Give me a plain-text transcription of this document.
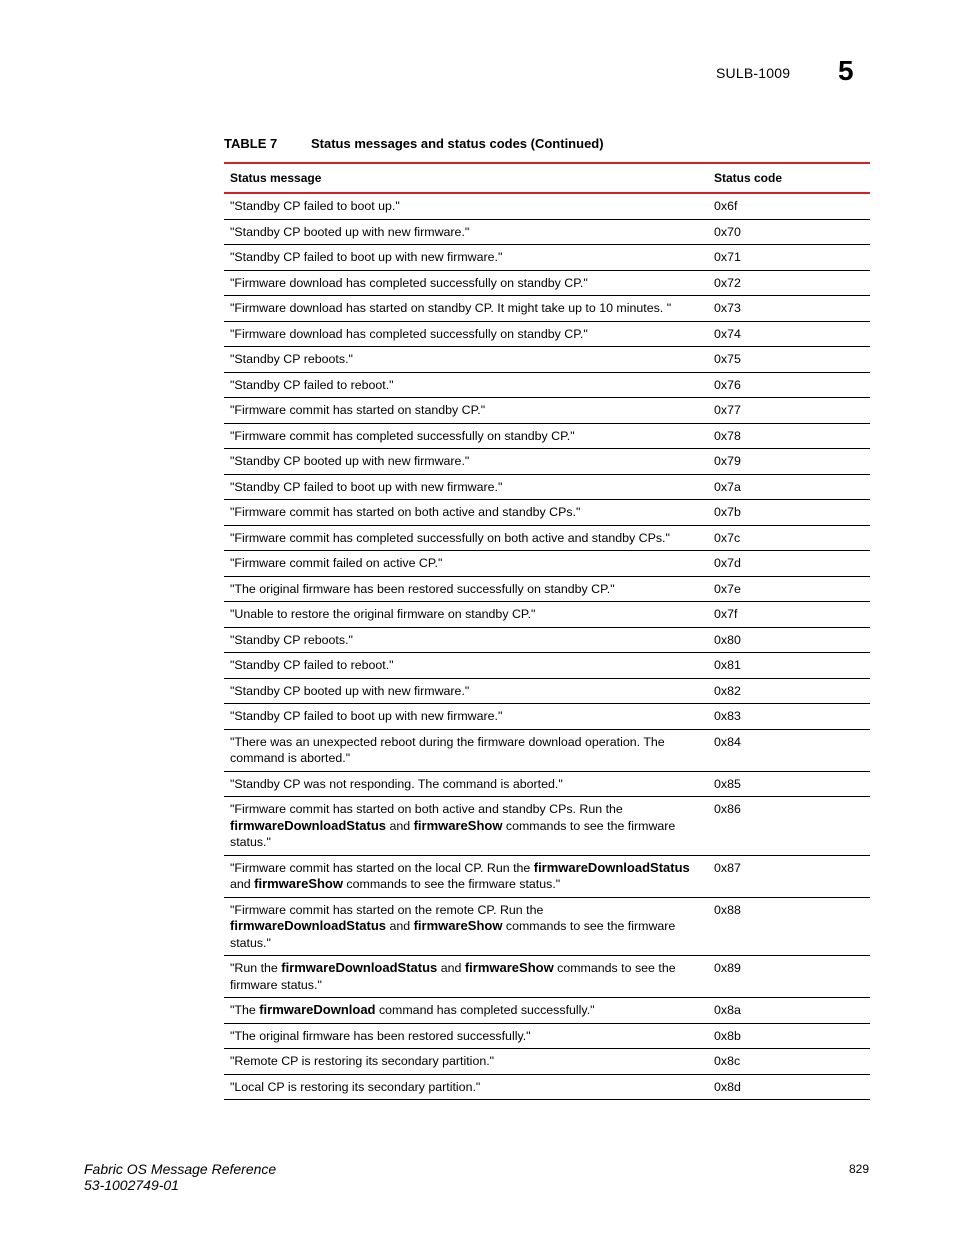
SULB-1009 5
TABLE 7	Status messages and status codes (Continued)
Status message	Status code
"Standby CP failed to boot up."	0x6f
"Standby CP booted up with new firmware."	0x70
"Standby CP failed to boot up with new firmware."	0x71
"Firmware download has completed successfully on standby CP."	0x72
"Firmware download has started on standby CP. It might take up to 10 minutes. "	0x73
"Firmware download has completed successfully on standby CP."	0x74
"Standby CP reboots."	0x75
"Standby CP failed to reboot."	0x76
"Firmware commit has started on standby CP."	0x77
"Firmware commit has completed successfully on standby CP."	0x78
"Standby CP booted up with new firmware."	0x79
"Standby CP failed to boot up with new firmware."	0x7a
"Firmware commit has started on both active and standby CPs."	0x7b
"Firmware commit has completed successfully on both active and standby CPs."	0x7c
"Firmware commit failed on active CP."	0x7d
"The original firmware has been restored successfully on standby CP."	0x7e
"Unable to restore the original firmware on standby CP."	0x7f
"Standby CP reboots."	0x80
"Standby CP failed to reboot."	0x81
"Standby CP booted up with new firmware."	0x82
"Standby CP failed to boot up with new firmware."	0x83
"There was an unexpected reboot during the firmware download operation. The command is aborted."	0x84
"Standby CP was not responding. The command is aborted."	0x85
"Firmware commit has started on both active and standby CPs. Run the firmwareDownloadStatus and firmwareShow commands to see the firmware status."	0x86
"Firmware commit has started on the local CP. Run the firmwareDownloadStatus and firmwareShow commands to see the firmware status."	0x87
"Firmware commit has started on the remote CP. Run the firmwareDownloadStatus and firmwareShow commands to see the firmware status."	0x88
"Run the firmwareDownloadStatus and firmwareShow commands to see the firmware status."	0x89
"The firmwareDownload command has completed successfully."	0x8a
"The original firmware has been restored successfully."	0x8b
"Remote CP is restoring its secondary partition."	0x8c
"Local CP is restoring its secondary partition."	0x8d
Fabric OS Message Reference
53-1002749-01
829
